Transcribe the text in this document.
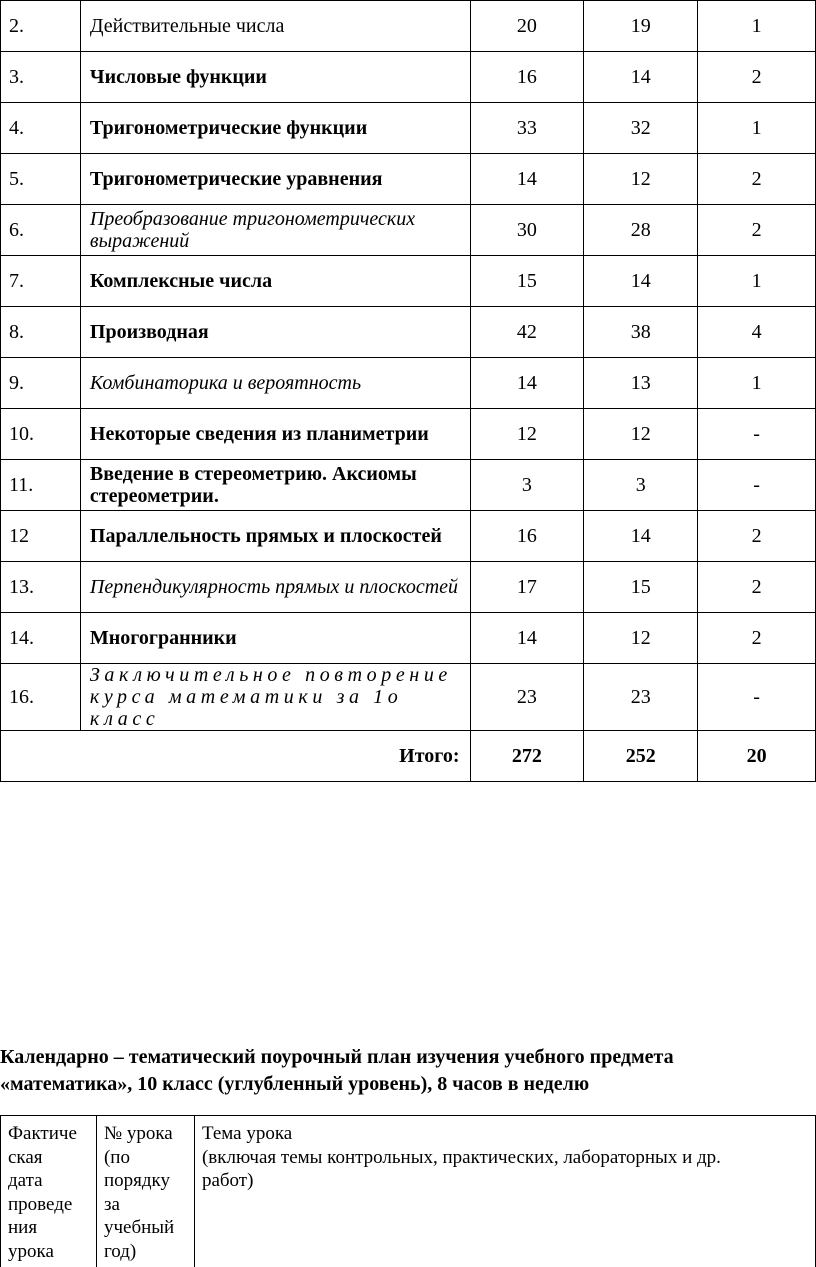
2.	Действительные числа	20	19	1
3.	Числовые функции	16	14	2
4.	Тригонометрические функции	33	32	1
5.	Тригонометрические уравнения	14	12	2
6.	Преобразование тригонометрических выражений	30	28	2
7.	Комплексные числа	15	14	1
8.	Производная	42	38	4
9.	Комбинаторика и вероятность	14	13	1
10.	Некоторые сведения из планиметрии	12	12	-
11.	Введение в стереометрию. Аксиомы стереометрии.	3	3	-
12	Параллельность прямых и плоскостей	16	14	2
13.	Перпендикулярность прямых и плоскостей	17	15	2
14.	Многогранники	14	12	2
16.	Заключительное повторение курса математики за 1о класс	23	23	-
Итого:		272	252	20
Календарно – тематический поурочный план изучения учебного предмета
«математика», 10 класс (углубленный уровень), 8 часов в неделю
Фактиче
ская
дата
проведе
ния
урока

№ урока
(по
порядку
за
учебный
год)

Тема урока
(включая темы контрольных, практических, лабораторных и др.
работ)
